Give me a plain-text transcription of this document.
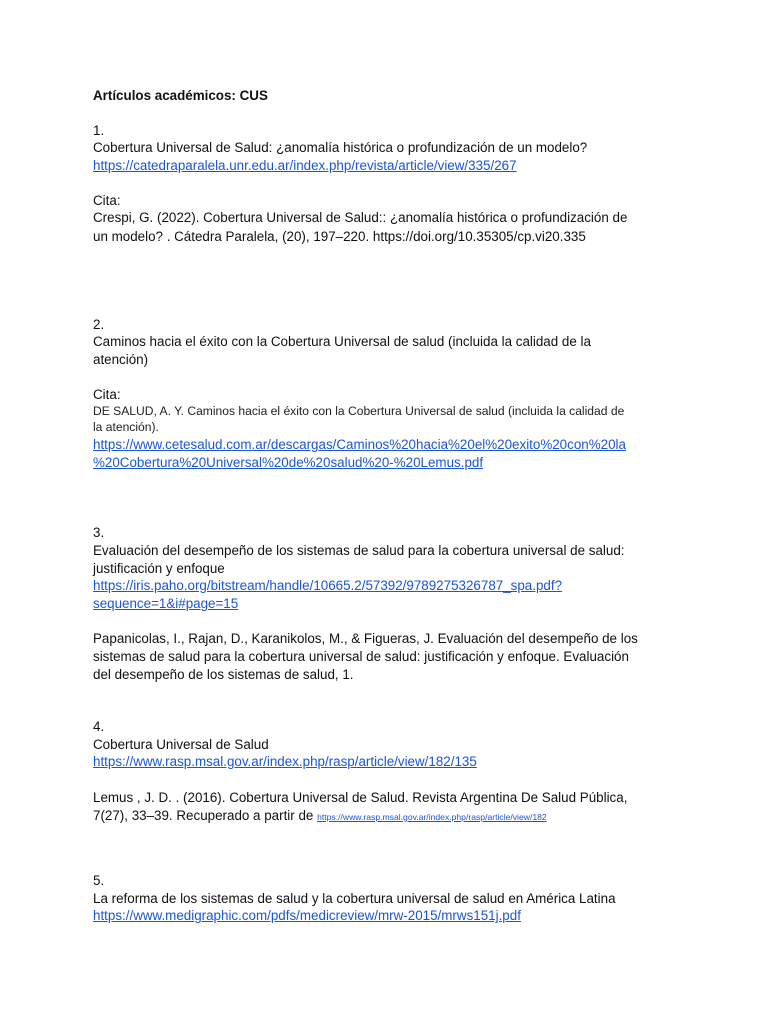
Artículos académicos: CUS
1.
Cobertura Universal de Salud: ¿anomalía histórica o profundización de un modelo?
https://catedraparalela.unr.edu.ar/index.php/revista/article/view/335/267
Cita:
Crespi, G. (2022). Cobertura Universal de Salud:: ¿anomalía histórica o profundización de
un modelo? . Cátedra Paralela, (20), 197–220. https://doi.org/10.35305/cp.vi20.335
2.
Caminos hacia el éxito con la Cobertura Universal de salud (incluida la calidad de la
atención)
Cita:
DE SALUD, A. Y. Caminos hacia el éxito con la Cobertura Universal de salud (incluida la calidad de
la atención).
https://www.cetesalud.com.ar/descargas/Caminos%20hacia%20el%20exito%20con%20la
%20Cobertura%20Universal%20de%20salud%20-%20Lemus.pdf
3.
Evaluación del desempeño de los sistemas de salud para la cobertura universal de salud:
justificación y enfoque
https://iris.paho.org/bitstream/handle/10665.2/57392/9789275326787_spa.pdf?
sequence=1&i#page=15
Papanicolas, I., Rajan, D., Karanikolos, M., & Figueras, J. Evaluación del desempeño de los
sistemas de salud para la cobertura universal de salud: justificación y enfoque. Evaluación
del desempeño de los sistemas de salud, 1.
4.
Cobertura Universal de Salud
https://www.rasp.msal.gov.ar/index.php/rasp/article/view/182/135
Lemus , J. D. . (2016). Cobertura Universal de Salud. Revista Argentina De Salud Pública,
7(27), 33–39. Recuperado a partir de https://www.rasp.msal.gov.ar/index.php/rasp/article/view/182
5.
La reforma de los sistemas de salud y la cobertura universal de salud en América Latina
https://www.medigraphic.com/pdfs/medicreview/mrw-2015/mrws151j.pdf
